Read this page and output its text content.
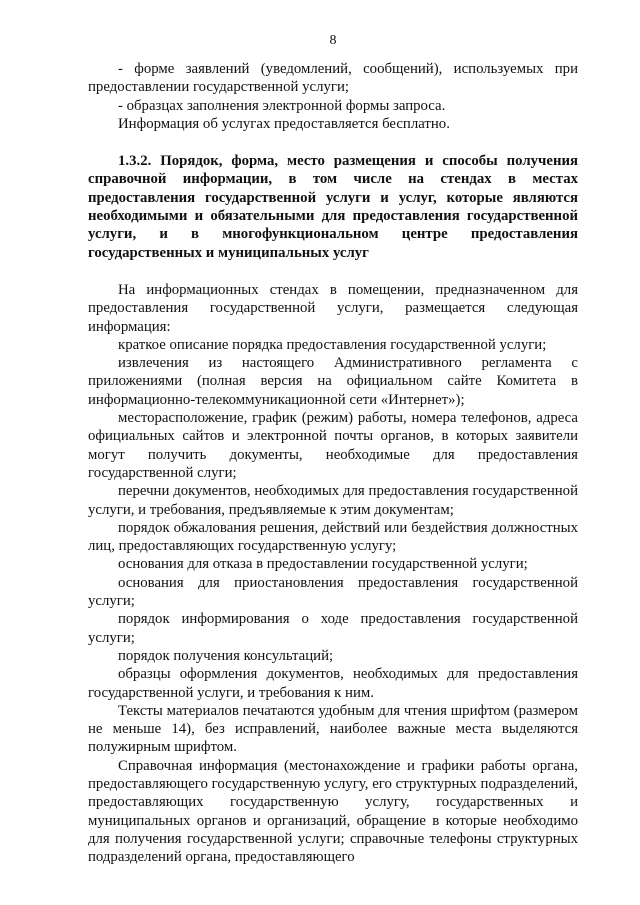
8

- форме заявлений (уведомлений, сообщений), используемых при предоставлении государственной услуги;

- образцах заполнения электронной формы запроса.

Информация об услугах предоставляется бесплатно.

1.3.2. Порядок, форма, место размещения и способы получения справочной информации, в том числе на стендах в местах предоставления государственной услуги и услуг, которые являются необходимыми и обязательными для предоставления государственной услуги, и в многофункциональном центре предоставления государственных и муниципальных услуг

На информационных стендах в помещении, предназначенном для предоставления государственной услуги, размещается следующая информация:

краткое описание порядка предоставления государственной услуги;

извлечения из настоящего Административного регламента с приложениями (полная версия на официальном сайте Комитета в информационно-телекоммуникационной сети «Интернет»);

месторасположение, график (режим) работы, номера телефонов, адреса официальных сайтов и электронной почты органов, в которых заявители могут получить документы, необходимые для предоставления государственной слуги;

перечни документов, необходимых для предоставления государственной услуги, и требования, предъявляемые к этим документам;

порядок обжалования решения, действий или бездействия должностных лиц, предоставляющих государственную услугу;

основания для отказа в предоставлении государственной услуги;

основания для приостановления предоставления государственной услуги;

порядок информирования о ходе предоставления государственной услуги;

порядок получения консультаций;

образцы оформления документов, необходимых для предоставления государственной услуги, и требования к ним.

Тексты материалов печатаются удобным для чтения шрифтом (размером не меньше 14), без исправлений, наиболее важные места выделяются полужирным шрифтом.

Справочная информация (местонахождение и графики работы органа, предоставляющего государственную услугу, его структурных подразделений, предоставляющих государственную услугу, государственных и муниципальных органов и организаций, обращение в которые необходимо для получения государственной услуги; справочные телефоны структурных подразделений органа, предоставляющего
